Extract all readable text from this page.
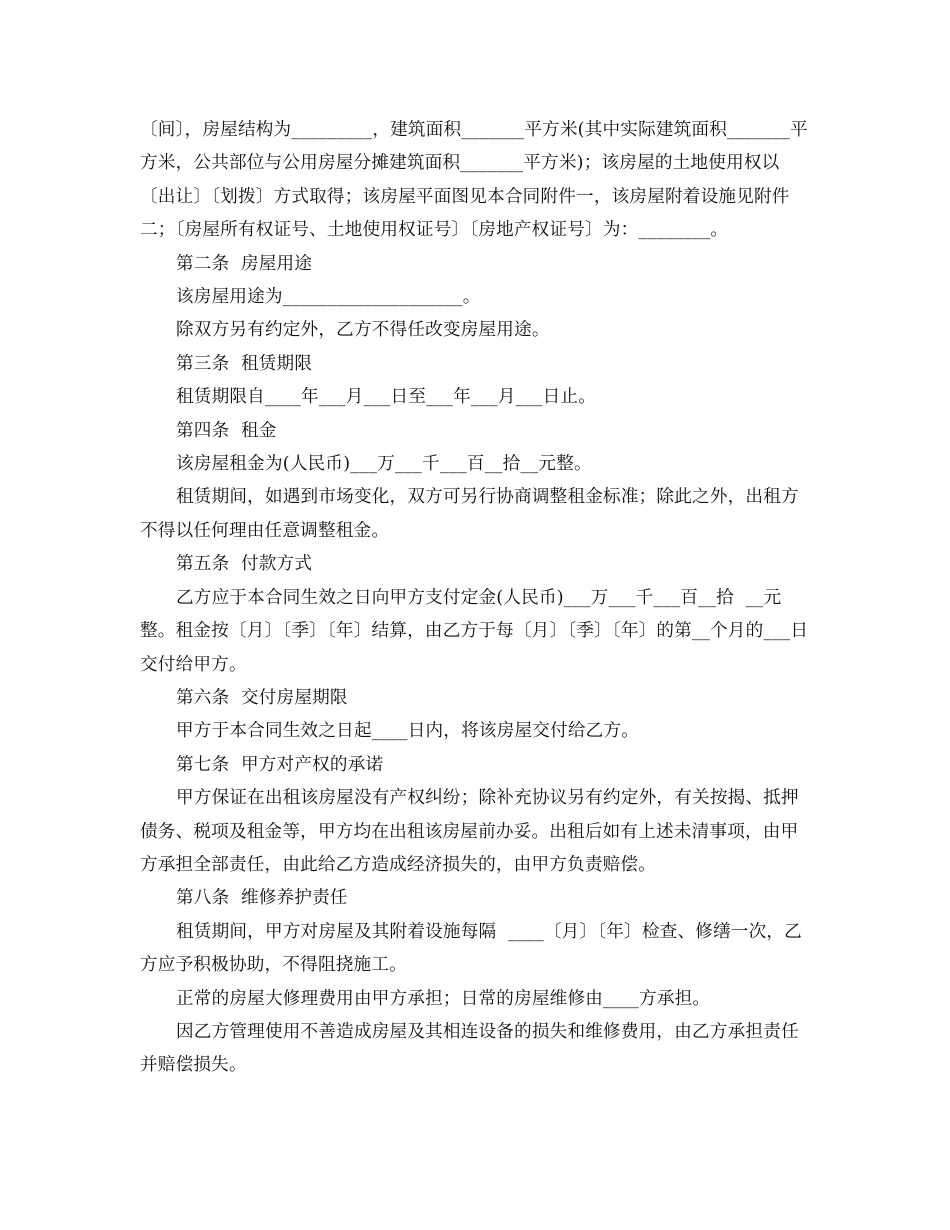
〔间〕，房屋结构为_________，建筑面积_______平方米(其中实际建筑面积_______平方米，公共部位与公用房屋分摊建筑面积_______平方米)；该房屋的土地使用权以〔出让〕〔划拨〕方式取得；该房屋平面图见本合同附件一，该房屋附着设施见附件二；〔房屋所有权证号、土地使用权证号〕〔房地产权证号〕为：________。

第二条  房屋用途

该房屋用途为____________________。

除双方另有约定外，乙方不得任改变房屋用途。

第三条  租赁期限

租赁期限自____年___月___日至___年___月___日止。

第四条  租金

该房屋租金为(人民币)___万___千___百__拾__元整。

租赁期间，如遇到市场变化，双方可另行协商调整租金标准；除此之外，出租方不得以任何理由任意调整租金。

第五条  付款方式

乙方应于本合同生效之日向甲方支付定金(人民币)___万___千___百__拾  __元整。租金按〔月〕〔季〕〔年〕结算，由乙方于每〔月〕〔季〕〔年〕的第__个月的___日交付给甲方。

第六条  交付房屋期限

甲方于本合同生效之日起____日内，将该房屋交付给乙方。

第七条  甲方对产权的承诺

甲方保证在出租该房屋没有产权纠纷；除补充协议另有约定外，有关按揭、抵押债务、税项及租金等，甲方均在出租该房屋前办妥。出租后如有上述未清事项，由甲方承担全部责任，由此给乙方造成经济损失的，由甲方负责赔偿。

第八条  维修养护责任

租赁期间，甲方对房屋及其附着设施每隔  ____〔月〕〔年〕检查、修缮一次，乙方应予积极协助，不得阻挠施工。

正常的房屋大修理费用由甲方承担；日常的房屋维修由____方承担。

因乙方管理使用不善造成房屋及其相连设备的损失和维修费用，由乙方承担责任并赔偿损失。
